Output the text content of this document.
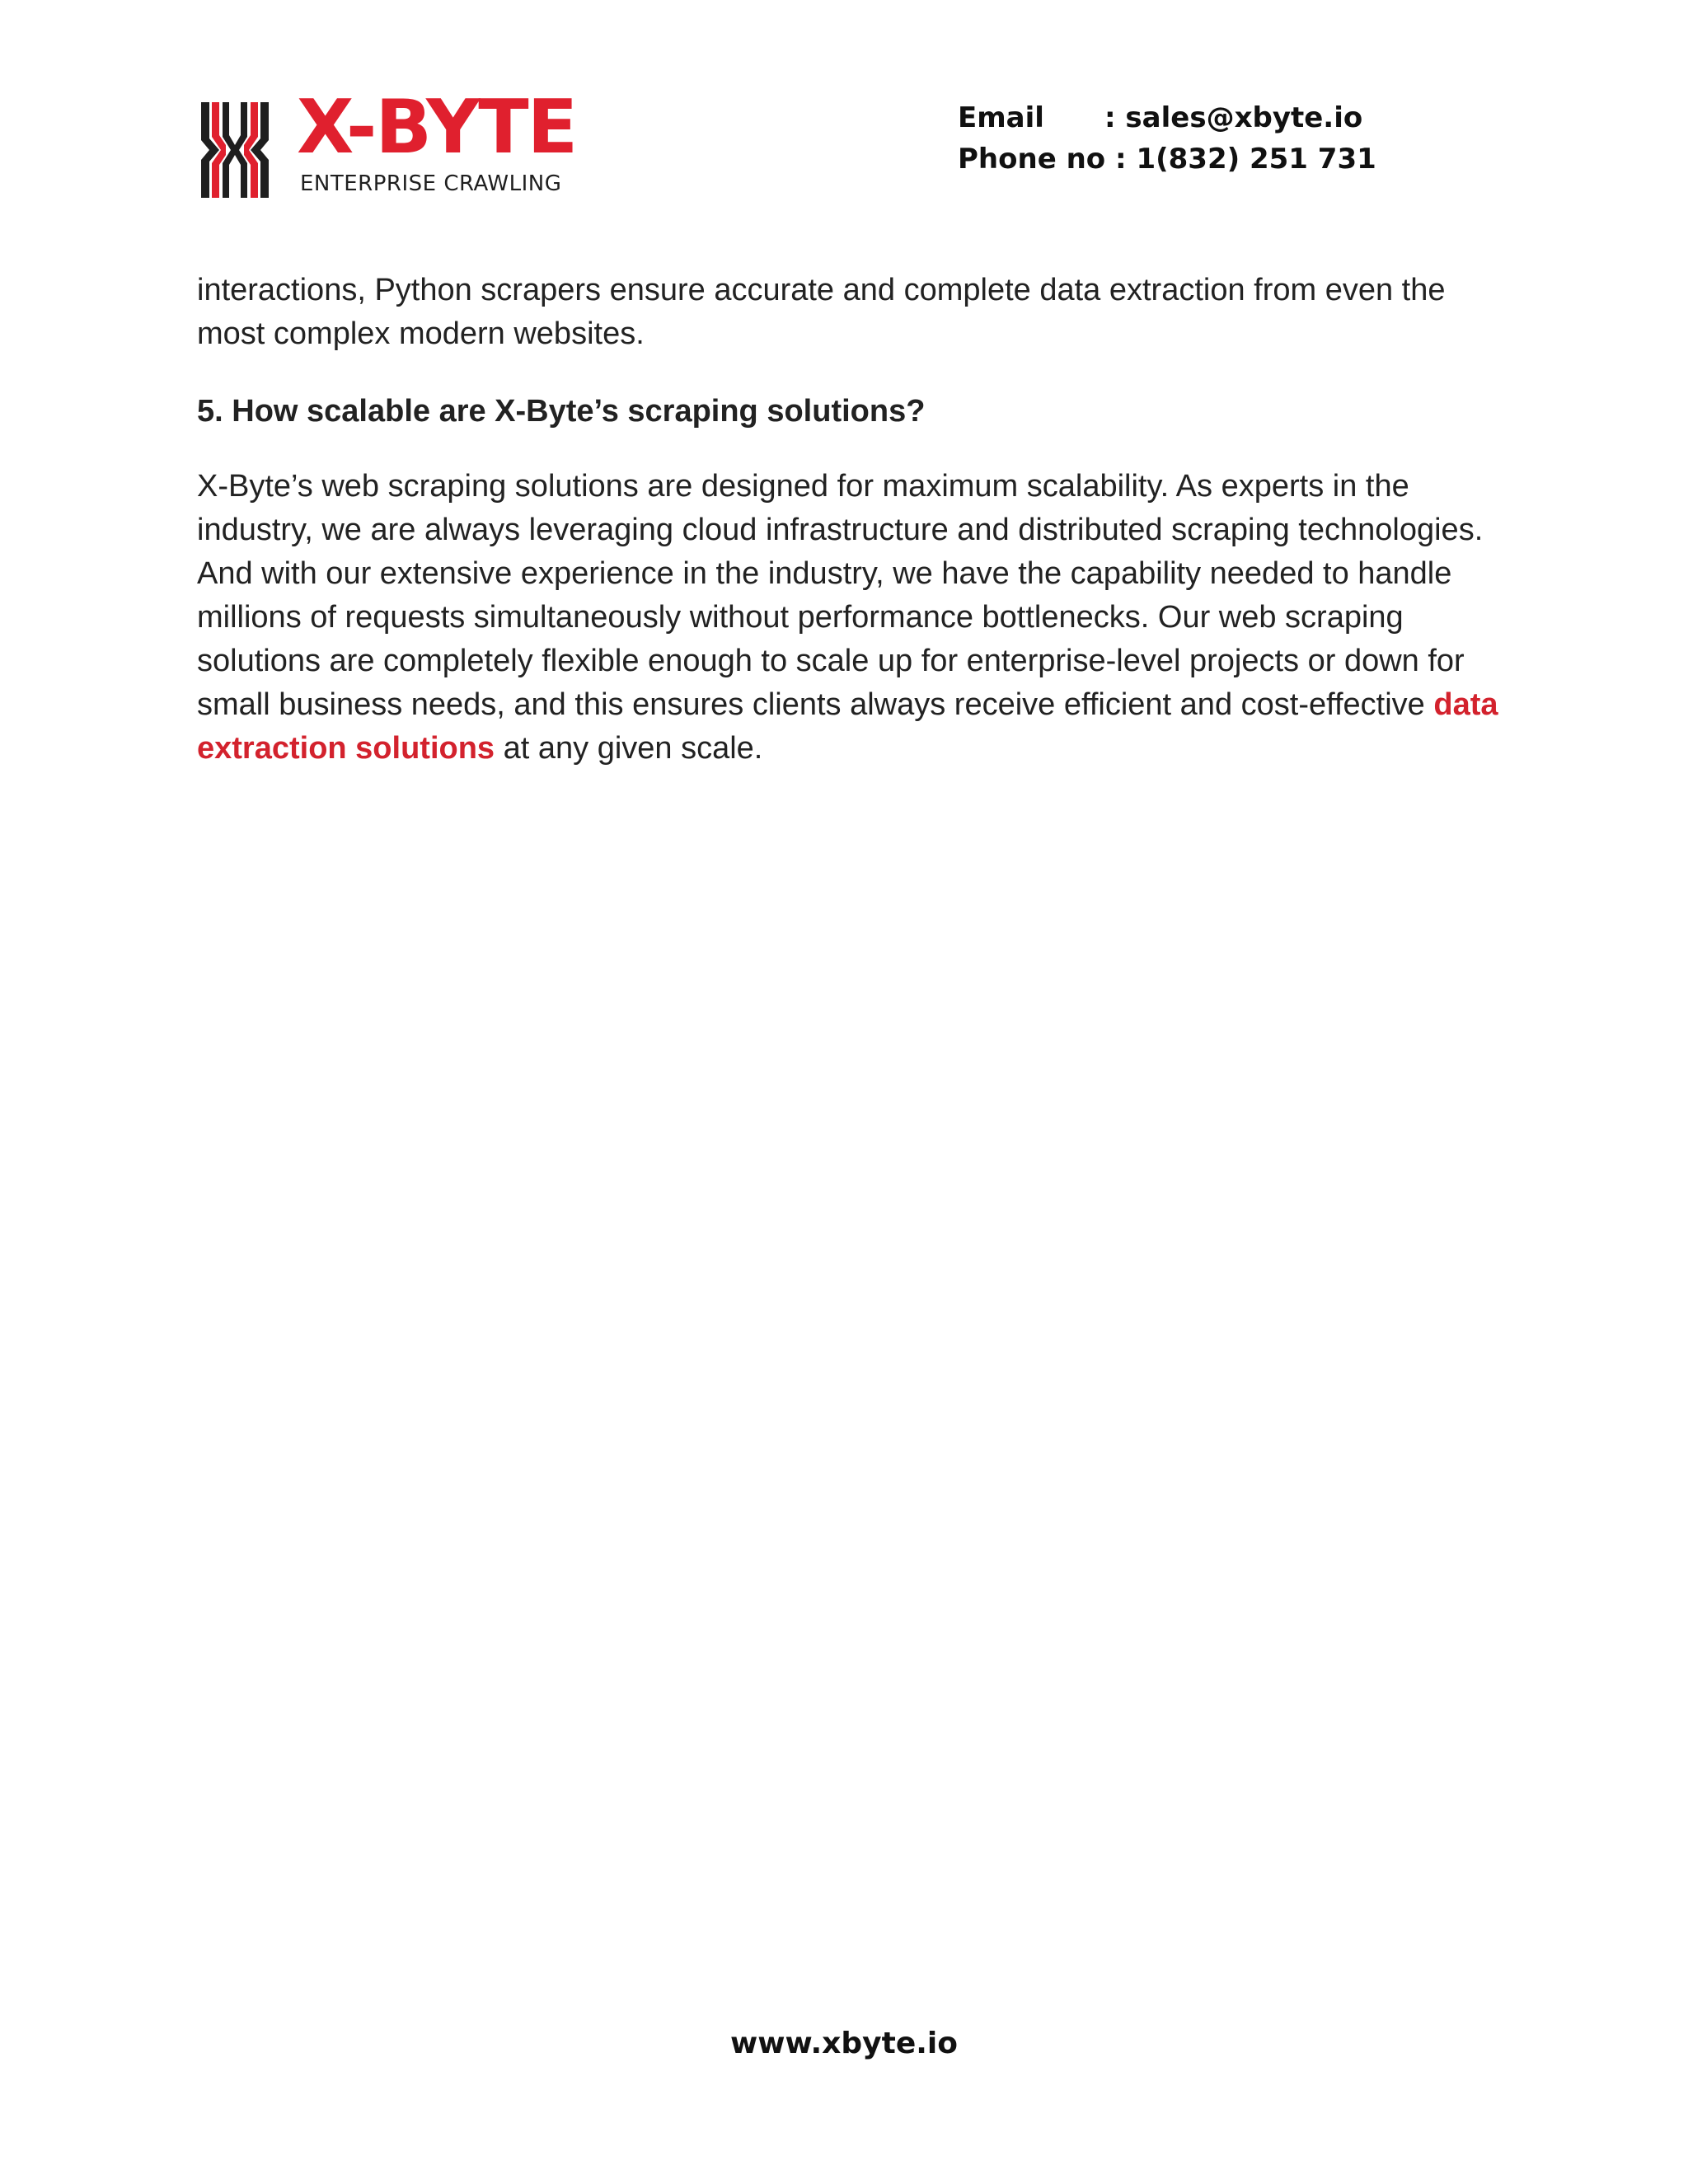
X-BYTE
ENTERPRISE CRAWLING
Email : sales@xbyte.io
Phone no : 1(832) 251 731

interactions, Python scrapers ensure accurate and complete data extraction from even the most complex modern websites.

5. How scalable are X-Byte’s scraping solutions?

X-Byte’s web scraping solutions are designed for maximum scalability. As experts in the industry, we are always leveraging cloud infrastructure and distributed scraping technologies. And with our extensive experience in the industry, we have the capability needed to handle millions of requests simultaneously without performance bottlenecks. Our web scraping solutions are completely flexible enough to scale up for enterprise-level projects or down for small business needs, and this ensures clients always receive efficient and cost-effective data extraction solutions at any given scale.

www.xbyte.io
